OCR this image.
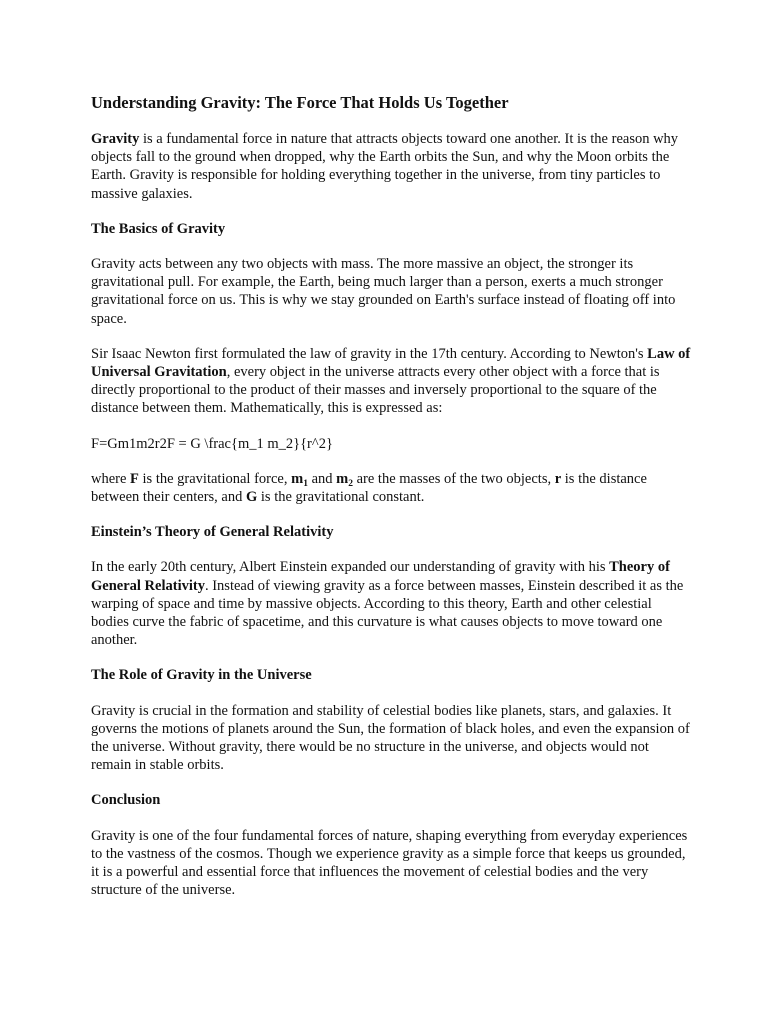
Understanding Gravity: The Force That Holds Us Together

Gravity is a fundamental force in nature that attracts objects toward one another. It is the reason why objects fall to the ground when dropped, why the Earth orbits the Sun, and why the Moon orbits the Earth. Gravity is responsible for holding everything together in the universe, from tiny particles to massive galaxies.

The Basics of Gravity

Gravity acts between any two objects with mass. The more massive an object, the stronger its gravitational pull. For example, the Earth, being much larger than a person, exerts a much stronger gravitational force on us. This is why we stay grounded on Earth's surface instead of floating off into space.

Sir Isaac Newton first formulated the law of gravity in the 17th century. According to Newton's Law of Universal Gravitation, every object in the universe attracts every other object with a force that is directly proportional to the product of their masses and inversely proportional to the square of the distance between them. Mathematically, this is expressed as:

F=Gm1m2r2F = G \frac{m_1 m_2}{r^2}

where F is the gravitational force, $m_1$ and $m_2$ are the masses of the two objects, r is the distance between their centers, and G is the gravitational constant.

Einstein’s Theory of General Relativity

In the early 20th century, Albert Einstein expanded our understanding of gravity with his Theory of General Relativity. Instead of viewing gravity as a force between masses, Einstein described it as the warping of space and time by massive objects. According to this theory, Earth and other celestial bodies curve the fabric of spacetime, and this curvature is what causes objects to move toward one another.

The Role of Gravity in the Universe

Gravity is crucial in the formation and stability of celestial bodies like planets, stars, and galaxies. It governs the motions of planets around the Sun, the formation of black holes, and even the expansion of the universe. Without gravity, there would be no structure in the universe, and objects would not remain in stable orbits.

Conclusion

Gravity is one of the four fundamental forces of nature, shaping everything from everyday experiences to the vastness of the cosmos. Though we experience gravity as a simple force that keeps us grounded, it is a powerful and essential force that influences the movement of celestial bodies and the very structure of the universe.
